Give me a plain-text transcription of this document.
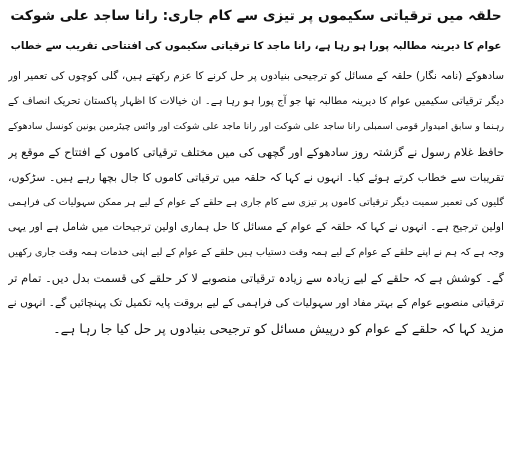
حلقہ میں ترقیاتی سکیموں پر تیزی سے کام جاری: رانا ساجد علی شوکت
عوام کا دیرینہ مطالبہ پورا ہو رہا ہے، رانا ماجد کا ترقیاتی سکیموں کی افتتاحی تقریب سے خطاب
سادھوکے (نامہ نگار) حلقہ کے مسائل کو ترجیحی بنیادوں پر حل کرنے کا عزم رکھتے ہیں، گلی کوچوں کی تعمیر اور
دیگر ترقیاتی سکیمیں عوام کا دیرینہ مطالبہ تھا جو آج پورا ہو رہا ہے۔ ان خیالات کا اظہار پاکستان تحریک انصاف کے
رہنما و سابق امیدوار قومی اسمبلی رانا ساجد علی شوکت اور رانا ماجد علی شوکت اور وائس چیئرمین یونین کونسل سادھوکے
حافظ غلام رسول نے گزشتہ روز سادھوکے اور گچھی کی میں مختلف ترقیاتی کاموں کے افتتاح کے موقع پر
تقریبات سے خطاب کرتے ہوئے کیا۔ انہوں نے کہا کہ حلقہ میں ترقیاتی کاموں کا جال بچھا رہے ہیں۔ سڑکوں،
گلیوں کی تعمیر سمیت دیگر ترقیاتی کاموں پر تیزی سے کام جاری ہے حلقے کے عوام کے لیے ہر ممکن سہولیات کی فراہمی
اولین ترجیح ہے۔ انہوں نے کہا کہ حلقہ کے عوام کے مسائل کا حل ہماری اولین ترجیحات میں شامل ہے اور یہی
وجہ ہے کہ ہم نے اپنے حلقے کے عوام کے لیے ہمہ وقت دستیاب ہیں حلقے کے عوام کے لیے اپنی خدمات ہمہ وقت جاری رکھیں
گے۔ کوشش ہے کہ حلقے کے لیے زیادہ سے زیادہ ترقیاتی منصوبے لا کر حلقے کی قسمت بدل دیں۔ تمام تر
ترقیاتی منصوبے عوام کے بہتر مفاد اور سہولیات کی فراہمی کے لیے بروقت پایہ تکمیل تک پہنچائیں گے۔ انہوں نے
مزید کہا کہ حلقے کے عوام کو درپیش مسائل کو ترجیحی بنیادوں پر حل کیا جا رہا ہے۔
